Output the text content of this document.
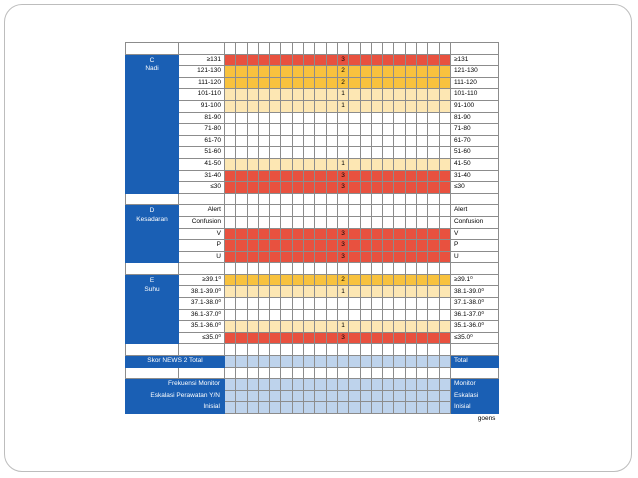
C
Nadi	≥131											3										≥131
	121-130											2										121-130
	111-120											2										111-120
	101-110											1										101-110
	91-100											1										91-100
	81-90																					81-90
	71-80																					71-80
	61-70																					61-70
	51-60																					51-60
	41-50											1										41-50
	31-40											3										31-40
	≤30											3										≤30

D
Kesadaran	Alert																					Alert
	Confusion																					Confusion
	V											3										V
	P											3										P
	U											3										U

E
Suhu	≥39.1⁰											2										≥39.1⁰
	38.1-39.0⁰											1										38.1-39.0⁰
	37.1-38.0⁰																					37.1-38.0⁰
	36.1-37.0⁰																					36.1-37.0⁰
	35.1-36.0⁰											1										35.1-36.0⁰
	≤35.0⁰											3										≤35.0⁰

Skor NEWS 2 Total																						Total

Frekuensi Monitor																						Monitor
Eskalasi Perawatan Y/N																						Eskalasi
Inisial																						Inisial
																						goens
